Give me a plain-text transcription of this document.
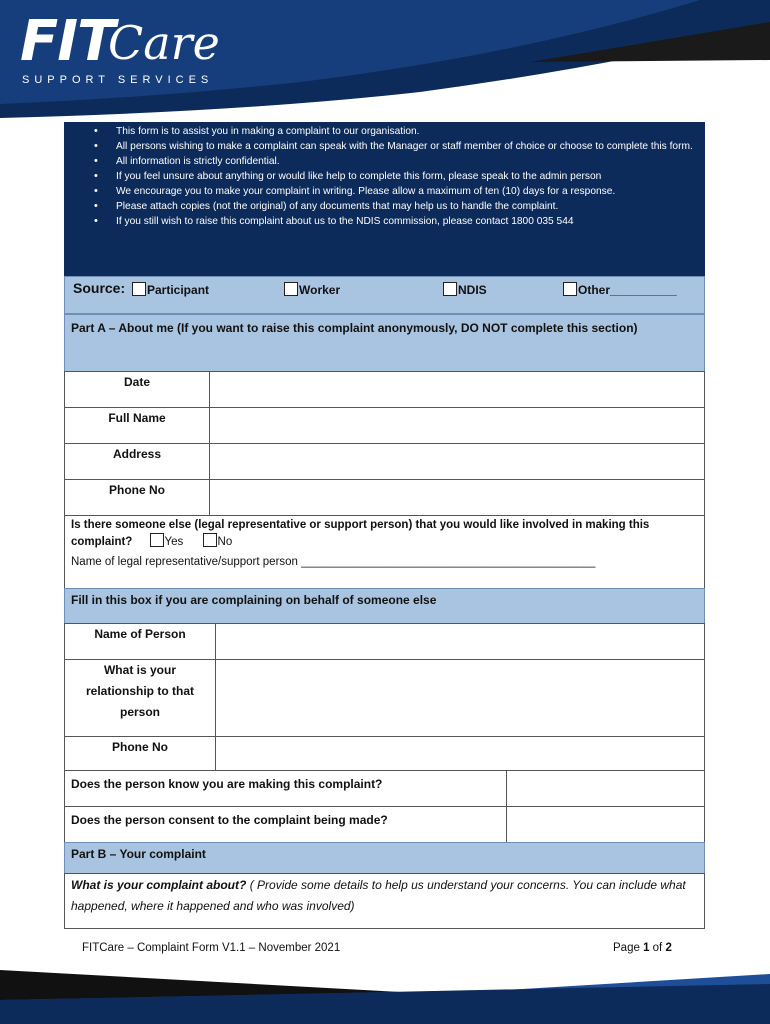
FIT
Care
SUPPORT SERVICES
• This form is to assist you in making a complaint to our organisation.
• All persons wishing to make a complaint can speak with the Manager or staff member of choice or choose to complete this form.
• All information is strictly confidential.
• If you feel unsure about anything or would like help to complete this form, please speak to the admin person
• We encourage you to make your complaint in writing. Please allow a maximum of ten (10) days for a response.
• Please attach copies (not the original) of any documents that may help us to handle the complaint.
• If you still wish to raise this complaint about us to the NDIS commission, please contact 1800 035 544
Source:	Participant	Worker	NDIS	Other__________
Part A – About me (If you want to raise this complaint anonymously, DO NOT complete this section)
Date
Full Name
Address
Phone No
Is there someone else (legal representative or support person) that you would like involved in making this complaint?	Yes	No
Name of legal representative/support person ______________________________________________
Fill in this box if you are complaining on behalf of someone else
Name of Person
What is your relationship to that person
Phone No
Does the person know you are making this complaint?
Does the person consent to the complaint being made?
Part B – Your complaint
What is your complaint about? ( Provide some details to help us understand your concerns. You can include what happened, where it happened and who was involved)
FITCare – Complaint Form V1.1 – November 2021	Page 1 of 2
